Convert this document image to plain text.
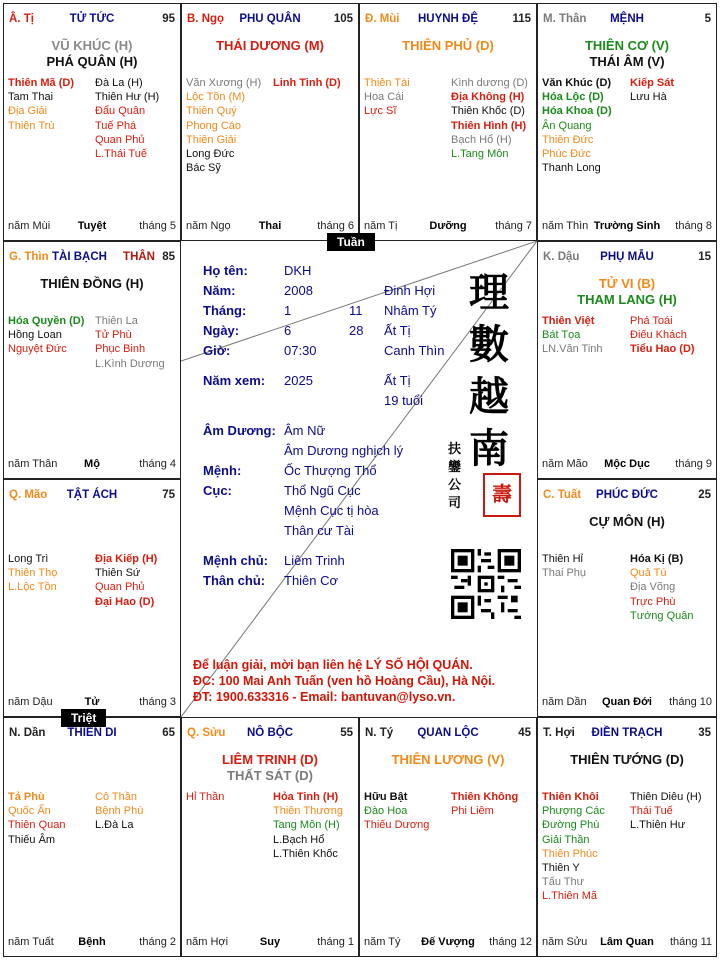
Â. Tị	TỬ TỨC	95
VŨ KHÚC (H)
PHÁ QUÂN (H)
Thiên Mã (D)
Tam Thai
Địa Giải
Thiên Trù
Đà La (H)
Thiên Hư (H)
Đẩu Quân
Tuế Phá
Quan Phủ
L.Thái Tuế
năm Mùi	Tuyệt	tháng 5
B. Ngọ	PHU QUÂN	105
THÁI DƯƠNG (M)
Văn Xương (H)
Lộc Tồn (M)
Thiên Quý
Phong Cáo
Thiên Giải
Long Đức
Bác Sỹ
Linh Tinh (D)
năm Ngọ	Thai	tháng 6
Đ. Mùi	HUYNH ĐỆ	115
THIÊN PHỦ (D)
Thiên Tài
Hoa Cái
Lực Sĩ
Kình dương (D)
Địa Không (H)
Thiên Khốc (D)
Thiên Hình (H)
Bạch Hổ (H)
L.Tang Môn
năm Tị	Dưỡng	tháng 7
M. Thân	MỆNH	5
THIÊN CƠ (V)
THÁI ÂM (V)
Văn Khúc (D)
Hóa Lộc (D)
Hóa Khoa (D)
Ân Quang
Thiên Đức
Phúc Đức
Thanh Long
Kiếp Sát
Lưu Hà
năm Thìn Trường Sinh	tháng 8
K. Dậu	PHỤ MẪU	15
TỬ VI (B)
THAM LANG (H)
Thiên Việt
Bát Tọa
LN.Văn Tinh
Phá Toái
Điếu Khách
Tiểu Hao (D)
năm Mão	Mộc Dục	tháng 9
C. Tuất	PHÚC ĐỨC	25
CỰ MÔN (H)
Thiên Hỉ
Thai Phụ
Hóa Kị (B)
Quả Tú
Địa Võng
Trực Phù
Tướng Quân
năm Dần	Quan Đới	tháng 10
T. Hợi	ĐIỀN TRẠCH	35
THIÊN TƯỚNG (D)
Thiên Khôi
Phượng Các
Đường Phù
Giải Thần
Thiên Phúc
Thiên Y
Tấu Thư
L.Thiên Mã
Thiên Diêu (H)
Thái Tuế
L.Thiên Hư
năm Sửu	Lâm Quan	tháng 11
N. Tý	QUAN LỘC	45
THIÊN LƯƠNG (V)
Hữu Bật
Đào Hoa
Thiếu Dương
Thiên Không
Phi Liêm
năm Tý	Đế Vượng	tháng 12
Q. Sửu	NÔ BỘC	55
LIÊM TRINH (D)
THẤT SÁT (D)
Hỉ Thần	Hỏa Tinh (H)
Thiên Thương
Tang Môn (H)
L.Bạch Hổ
L.Thiên Khốc
năm Hợi	Suy	tháng 1
N. Dần	THIÊN DI	65
Tả Phù
Quốc Ấn
Thiên Quan
Thiếu Âm
Cô Thần
Bệnh Phù
L.Đà La
năm Tuất	Bệnh	tháng 2
Q. Mão	TẬT ÁCH	75
Long Trì
Thiên Thọ
L.Lộc Tồn
Địa Kiếp (H)
Thiên Sứ
Quan Phủ
Đại Hao (D)
năm Dậu	Tử	tháng 3
G. Thìn TÀI BẠCH	THÂN 85
THIÊN ĐỒNG (H)
Hóa Quyền (D)
Hồng Loan
Nguyệt Đức
Thiên La
Tử Phù
Phục Binh
L.Kình Dương
năm Thân	Mộ	tháng 4
Họ tên:	DKH
Năm:	2008	Đinh Hợi
Tháng:	1	11 Nhâm Tý
Ngày:	6	28 Ất Tị
Giờ:	07:30	Canh Thìn
Năm xem: 2025	Ất Tị
19 tuổi
Âm Dương: Âm Nữ
Âm Dương nghịch lý
Mệnh:	Ốc Thượng Thổ
Cục:	Thổ Ngũ Cục
Mệnh Cục tị hòa
Thân cư Tài
Mệnh chủ: Liêm Trinh
Thân chủ: Thiên Cơ
理
數
越
南
扶鑾公司	壽
Để luận giải, mời bạn liên hệ LÝ SỐ HỘI QUÁN.
ĐC: 100 Mai Anh Tuấn (ven hồ Hoàng Cầu), Hà Nội.
ĐT: 1900.633316 - Email: bantuvan@lyso.vn.
Tuần
Triệt
